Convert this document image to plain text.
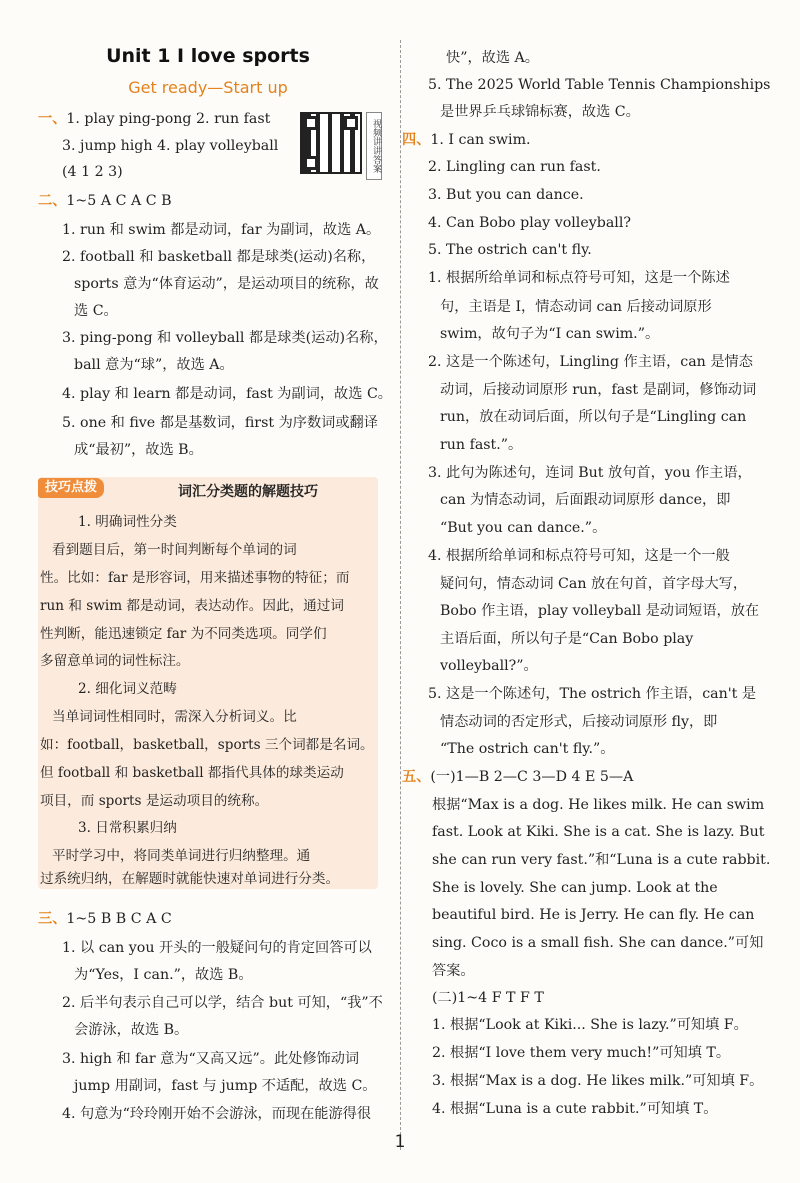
Unit 1 I love sports
Get ready—Start up
视频讲讲答案
一、1. play ping-pong 2. run fast
3. jump high 4. play volleyball
(4 1 2 3)
二、1~5 A C A C B
1. run 和 swim 都是动词，far 为副词，故选 A。
2. football 和 basketball 都是球类(运动)名称，
sports 意为“体育运动”，是运动项目的统称，故
选 C。
3. ping-pong 和 volleyball 都是球类(运动)名称，
ball 意为“球”，故选 A。
4. play 和 learn 都是动词，fast 为副词，故选 C。
5. one 和 five 都是基数词，first 为序数词或翻译
成“最初”，故选 B。
技巧点拨	词汇分类题的解题技巧
1. 明确词性分类
看到题目后，第一时间判断每个单词的词
性。比如：far 是形容词，用来描述事物的特征；而
run 和 swim 都是动词，表达动作。因此，通过词
性判断，能迅速锁定 far 为不同类选项。同学们
多留意单词的词性标注。
2. 细化词义范畴
当单词词性相同时，需深入分析词义。比
如：football，basketball，sports 三个词都是名词。
但 football 和 basketball 都指代具体的球类运动
项目，而 sports 是运动项目的统称。
3. 日常积累归纳
平时学习中，将同类单词进行归纳整理。通
过系统归纳，在解题时就能快速对单词进行分类。
三、1~5 B B C A C
1. 以 can you 开头的一般疑问句的肯定回答可以
为“Yes，I can.”，故选 B。
2. 后半句表示自己可以学，结合 but 可知，“我”不
会游泳，故选 B。
3. high 和 far 意为“又高又远”。此处修饰动词
jump 用副词，fast 与 jump 不适配，故选 C。
4. 句意为“玲玲刚开始不会游泳，而现在能游得很
快”，故选 A。
5. The 2025 World Table Tennis Championships
是世界乒乓球锦标赛，故选 C。
四、1. I can swim.
2. Lingling can run fast.
3. But you can dance.
4. Can Bobo play volleyball?
5. The ostrich can't fly.
1. 根据所给单词和标点符号可知，这是一个陈述
句，主语是 I，情态动词 can 后接动词原形
swim，故句子为“I can swim.”。
2. 这是一个陈述句，Lingling 作主语，can 是情态
动词，后接动词原形 run，fast 是副词，修饰动词
run，放在动词后面，所以句子是“Lingling can
run fast.”。
3. 此句为陈述句，连词 But 放句首，you 作主语，
can 为情态动词，后面跟动词原形 dance，即
“But you can dance.”。
4. 根据所给单词和标点符号可知，这是一个一般
疑问句，情态动词 Can 放在句首，首字母大写，
Bobo 作主语，play volleyball 是动词短语，放在
主语后面，所以句子是“Can Bobo play
volleyball?”。
5. 这是一个陈述句，The ostrich 作主语，can't 是
情态动词的否定形式，后接动词原形 fly，即
“The ostrich can't fly.”。
五、(一)1—B 2—C 3—D 4 E 5—A
根据“Max is a dog. He likes milk. He can swim
fast. Look at Kiki. She is a cat. She is lazy. But
she can run very fast.”和“Luna is a cute rabbit.
She is lovely. She can jump. Look at the
beautiful bird. He is Jerry. He can fly. He can
sing. Coco is a small fish. She can dance.”可知
答案。
(二)1~4 F T F T
1. 根据“Look at Kiki... She is lazy.”可知填 F。
2. 根据“I love them very much!”可知填 T。
3. 根据“Max is a dog. He likes milk.”可知填 F。
4. 根据“Luna is a cute rabbit.”可知填 T。
1
